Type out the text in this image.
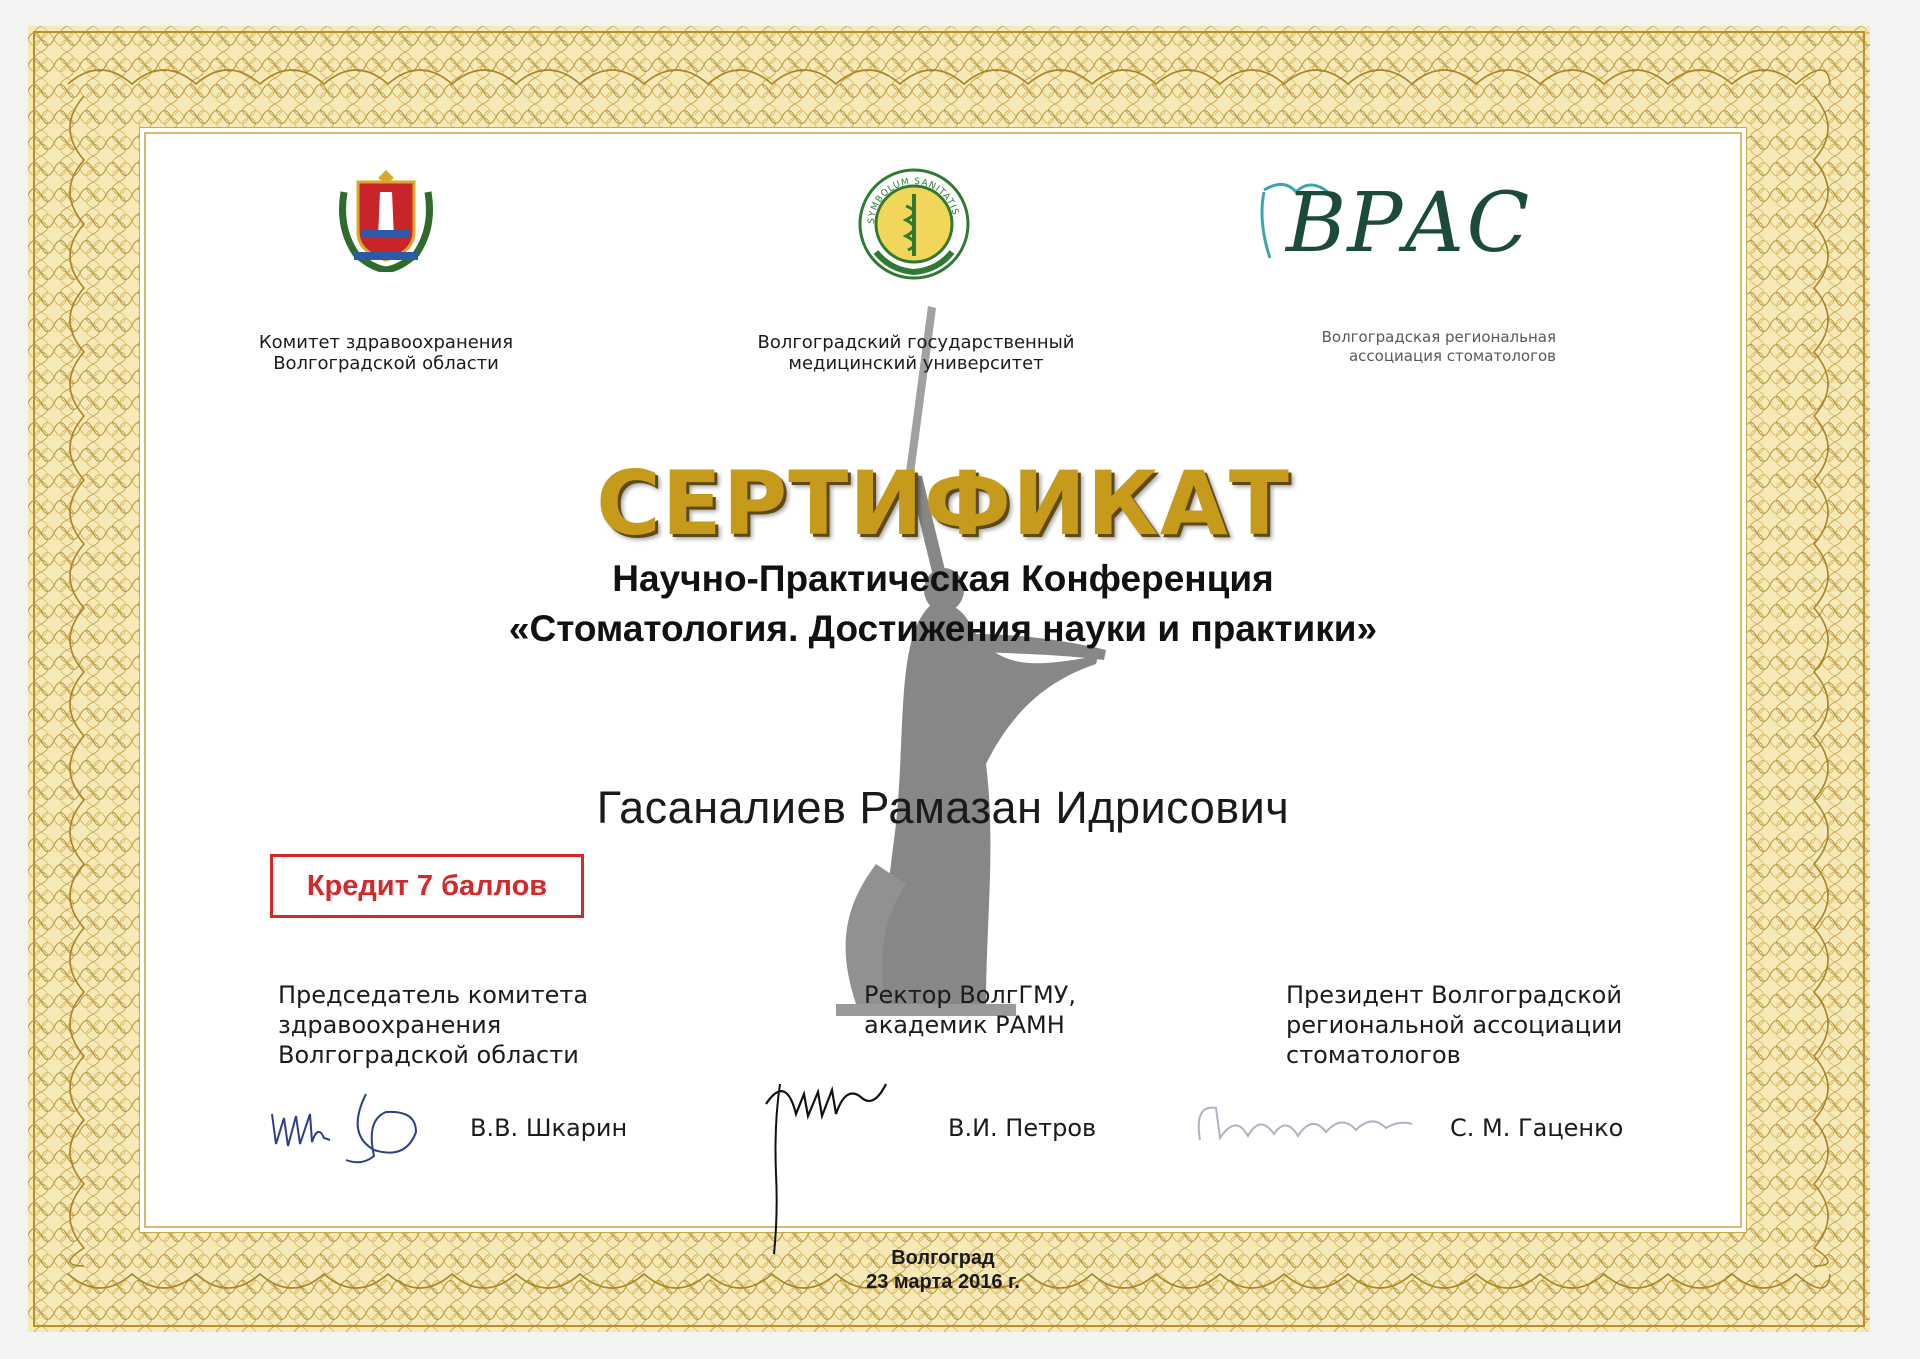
Комитет здравоохранения
Волгоградской области
SYMBOLUM SANITATIS
Волгоградский государственный
медицинский университет
ВРАС
Волгоградская региональная
ассоциация стоматологов
СЕРТИФИКАТ
Научно-Практическая Конференция
«Стоматология. Достижения науки и практики»
Гасаналиев Рамазан Идрисович
Кредит 7 баллов
Председатель комитета
здравоохранения
Волгоградской области
В.В. Шкарин
Ректор ВолгГМУ,
академик РАМН
В.И. Петров
Президент Волгоградской
региональной ассоциации
стоматологов
С. М. Гаценко
Волгоград
23 марта 2016 г.
